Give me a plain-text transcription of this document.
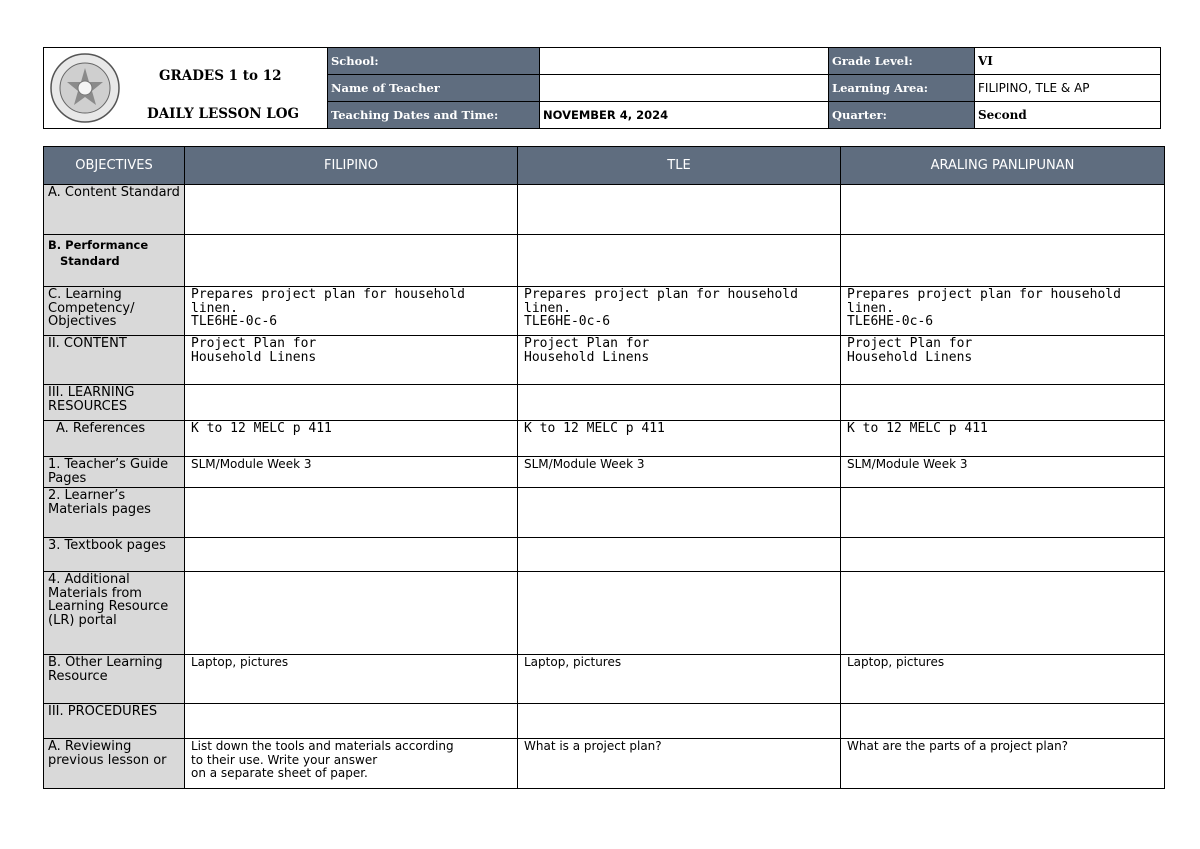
GRADES 1 to 12
DAILY LESSON LOG	School:		Grade Level:	VI
	Name of Teacher		Learning Area:	FILIPINO, TLE & AP
	Teaching Dates and Time:	NOVEMBER 4, 2024	Quarter:	Second
OBJECTIVES	FILIPINO	TLE	ARALING PANLIPUNAN
A. Content Standard			
B. Performance
Standard			

C. Learning Competency/ Objectives	Prepares project plan for household
linen.
TLE6HE-0c-6	Prepares project plan for household
linen.
TLE6HE-0c-6	Prepares project plan for household
linen.
TLE6HE-0c-6

II. CONTENT	Project Plan for
Household Linens	Project Plan for
Household Linens	Project Plan for
Household Linens

III. LEARNING RESOURCES			
A. References	K to 12 MELC p 411	K to 12 MELC p 411	K to 12 MELC p 411
1. Teacher’s Guide Pages	SLM/Module Week 3	SLM/Module Week 3	SLM/Module Week 3
2. Learner’s Materials pages			
3. Textbook pages			
4. Additional Materials from Learning Resource (LR) portal			
B. Other Learning Resource	Laptop, pictures	Laptop, pictures	Laptop, pictures
III. PROCEDURES			
A. Reviewing previous lesson or	List down the tools and materials according
to their use. Write your answer
on a separate sheet of paper.	What is a project plan?	What are the parts of a project plan?
